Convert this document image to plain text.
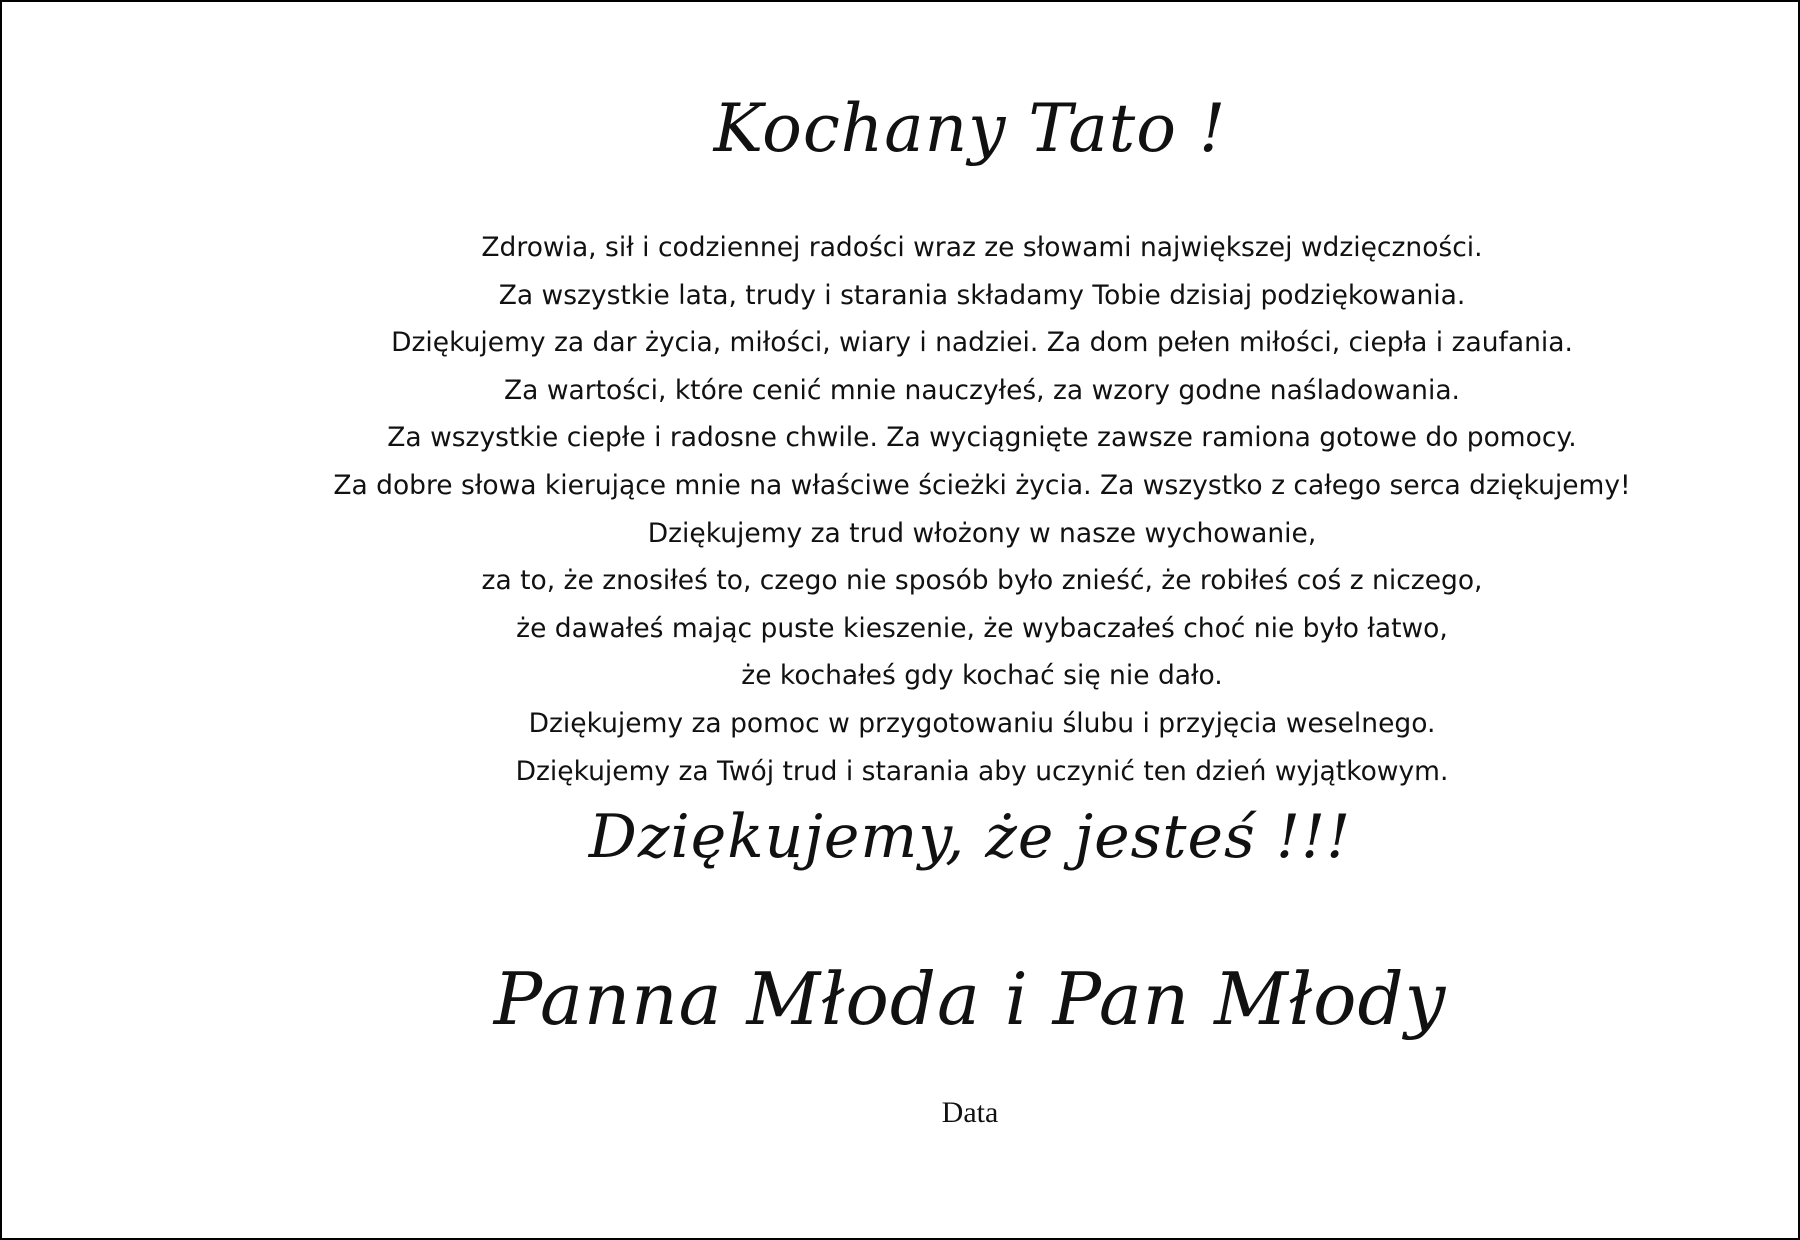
Kochany Tato !
Zdrowia, sił i codziennej radości wraz ze słowami największej wdzięczności.
Za wszystkie lata, trudy i starania składamy Tobie dzisiaj podziękowania.
Dziękujemy za dar życia, miłości, wiary i nadziei. Za dom pełen miłości, ciepła i zaufania.
Za wartości, które cenić mnie nauczyłeś, za wzory godne naśladowania.
Za wszystkie ciepłe i radosne chwile. Za wyciągnięte zawsze ramiona gotowe do pomocy.
Za dobre słowa kierujące mnie na właściwe ścieżki życia. Za wszystko z całego serca dziękujemy!
Dziękujemy za trud włożony w nasze wychowanie,
za to, że znosiłeś to, czego nie sposób było znieść, że robiłeś coś z niczego,
że dawałeś mając puste kieszenie, że wybaczałeś choć nie było łatwo,
że kochałeś gdy kochać się nie dało.
Dziękujemy za pomoc w przygotowaniu ślubu i przyjęcia weselnego.
Dziękujemy za Twój trud i starania aby uczynić ten dzień wyjątkowym.
Dziękujemy, że jesteś !!!
Panna Młoda i Pan Młody
Data
